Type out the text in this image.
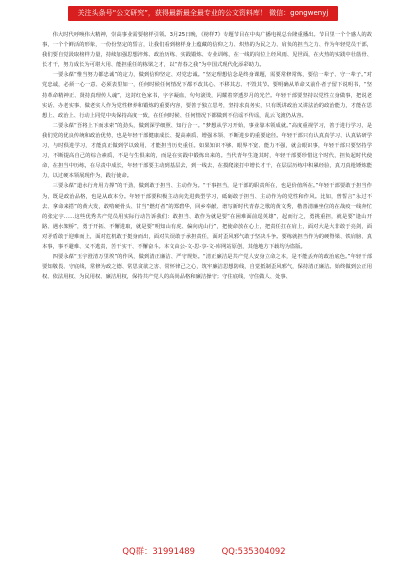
关注头条号“公文研究”，获得最新最全最专业的公文资料库！ 微信：gongwenyj

伟大时代呼唤伟大精神，崇高事业需要榜样引领。3月25日晚，《榜样7》专题节目在中央广播电视总台隆重播出。节目里一个个感人的故事，一个个鲜活的形象，一份份坚定的誓言，让我们看到榜样身上蕴藏的信仰之力、炽热的为民之力、肩负的担当之力、作为年轻党员干部，我们要自觉汲取榜样力量，持续加强思想淬炼、政治历练、实践锻炼、专业训练，在一线的岗位上经风雨、见世面，在火热的实践中壮筋骨、长才干，努力成长为可堪大用、能担重任的栋梁之才，以“青春之我”为中国式现代化添彩助力。

一要永葆“惟当努力都忠诚”的定力，做到信仰坚定、对党忠诚。“坚定理想信念是终身课题，需要常修常炼，要信一辈子、守一辈子。”对党忠诚，必须一心一意、必须表里如一，任何时候任何情况下都不改其心、不移其志、不毁其节。要明确从革命又前仆者子留下说明书，“坚持革命精神正、贤持真理传人魂”，这封红色家书，字字凝血，句句滚烫，闪耀着穿透岁月的光芒。年轻干部要坚持以党性立身做事，把说老实话、办老实事、做老实人作为党性修养和锻炼的重要内容，要善于独立思考，坚持求真务实，只有既讲政治又讲法治的政治能力，才能在思想上、政治上、行动上同党中央保持高度一致，在任何时候、任何情况下都做到不信谣不传谣，乱云飞渡仍从容。

二要永葆“吾将上下而求索”的劲头，做到深学细照、知行合一。“梦想从学习开始，事业靠本领成就。”高度重视学习，善于进行学习，是我们党的优良传统和政治优势，也是年轻干部健康成长、提高素质、增强本领、不断进步的重要途径。年轻干部只有认真真学习、认真钻研学习，与时俱进学习，才能真正做到学以致用，才能担当历史重任。如果知识不够、眼界不宽、能力不强，就会眼识事，年轻干部只要坚持学习，不断提高自己的综合素质，不是与生俱来的，而是在实践中锻炼出来的。当代青年生逢其时，年轻干部要珍惜这个时代，担负起时代使命，在担当中历练，在尽责中成长，年轻干部要主动到基层去，到一线去，在摸爬滚打中增长才干，在层层历练中积累经验，真刀真枪锤炼能力，以过硬本领展现作为，践行使命。

三要永葆“道水行舟用力撑”的干劲，做到敢于担当、主动作为。“干事担当，是干部的职责所在，也是价值所在。”年轻干部要敢于担当作为，既是政治品格，也是从政本分。年轻干部要积极主动向先进典型学习，砥砺敢于担当、主动作为的党性和作风。比如，曾誓言“永过不去、拿命来搭”的黄大发，敢啃硬骨头、甘当“燃灯者”的郑碧华，回乡奉献、谱写新时代青春之歌的黄文秀，楷善清廉坐位的在战疫一线奔忙的张定宇……这些优秀共产党员用实际行动告诉我们：敢担当、敢作为就是要“在困难面前逞英雄”，起而行之，勇挑重担，就是要“逢山开路、遇水架桥”，勇于开拓、不懈进取，就是要“明知山有虎、偏向虎山行”，把使命放在心上，把责任扛在肩上，面对大是大非敢于亮剑，面对矛盾敢于迎难而上，面对危机敢于挺身而出，面对失误敢于承担责任，面对歪风邪气敢于坚决斗争。要练就担当作为的硬脊梁、铁肩膀、真本事，事不避难、义不逃责，苦干实干、不懈奋斗。本文由公-文-思-享-文-库网站原创，其他地方下载均为盗版。

四要永葆“玉宇澄清万里埃”的作风，做到清正廉洁、严守规矩。“清正廉洁是共产党人安身立命之本，是不能丢弃的政治底色。”年轻干部要知敬畏、守底线，常修为政之德、常思贪欲之害、常怀律己之心，筑牢廉洁思想防线，自觉抵制歪风邪气，保持清正廉洁。始终做到公正用权、依法用权、为民用权、廉洁用权，保持共产党人的高尚品格和廉洁操守；守住底线，守住做人、处事、

QQ群：31991489	QQ:535304092
